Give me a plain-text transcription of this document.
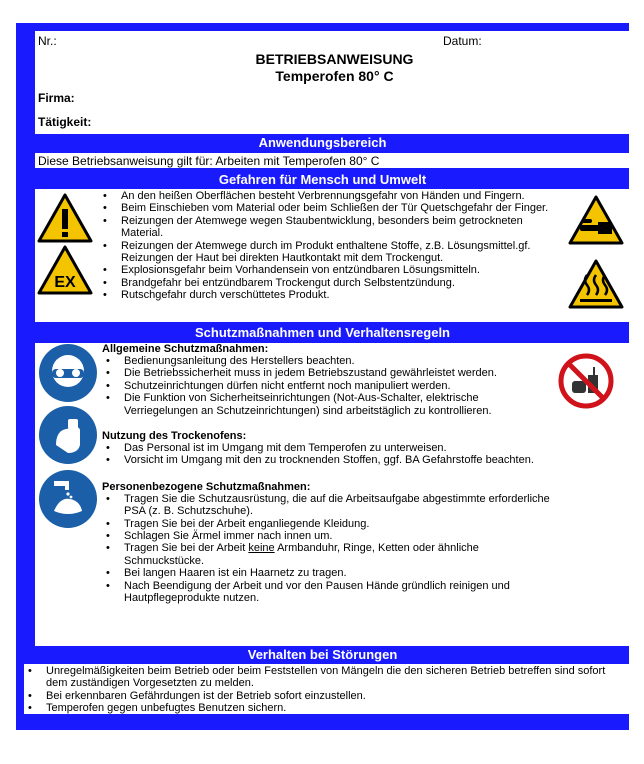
Nr.:	Datum:
BETRIEBSANWEISUNG
Temperofen 80° C
Firma:
Tätigkeit:
Anwendungsbereich
Diese Betriebsanweisung gilt für: Arbeiten mit Temperofen 80° C
Gefahren für Mensch und Umwelt
EX
• An den heißen Oberflächen besteht Verbrennungsgefahr von Händen und Fingern.
• Beim Einschieben vom Material oder beim Schließen der Tür Quetschgefahr der Finger.
• Reizungen der Atemwege wegen Staubentwicklung, besonders beim getrockneten Material.
• Reizungen der Atemwege durch im Produkt enthaltene Stoffe, z.B. Lösungsmittel.gf. Reizungen der Haut bei direkten Hautkontakt mit dem Trockengut.
• Explosionsgefahr beim Vorhandensein von entzündbaren Lösungsmitteln.
• Brandgefahr bei entzündbarem Trockengut durch Selbstentzündung.
• Rutschgefahr durch verschüttetes Produkt.
Schutzmaßnahmen und Verhaltensregeln
Allgemeine Schutzmaßnahmen:
• Bedienungsanleitung des Herstellers beachten.
• Die Betriebssicherheit muss in jedem Betriebszustand gewährleistet werden.
• Schutzeinrichtungen dürfen nicht entfernt noch manipuliert werden.
• Die Funktion von Sicherheitseinrichtungen (Not-Aus-Schalter, elektrische Verriegelungen an Schutzeinrichtungen) sind arbeitstäglich zu kontrollieren.
Nutzung des Trockenofens:
• Das Personal ist im Umgang mit dem Temperofen zu unterweisen.
• Vorsicht im Umgang mit den zu trocknenden Stoffen, ggf. BA Gefahrstoffe beachten.
Personenbezogene Schutzmaßnahmen:
• Tragen Sie die Schutzausrüstung, die auf die Arbeitsaufgabe abgestimmte erforderliche PSA (z. B. Schutzschuhe).
• Tragen Sie bei der Arbeit enganliegende Kleidung.
• Schlagen Sie Ärmel immer nach innen um.
• Tragen Sie bei der Arbeit keine Armbanduhr, Ringe, Ketten oder ähnliche Schmuckstücke.
• Bei langen Haaren ist ein Haarnetz zu tragen.
• Nach Beendigung der Arbeit und vor den Pausen Hände gründlich reinigen und Hautpflegeprodukte nutzen.
Verhalten bei Störungen
• Unregelmäßigkeiten beim Betrieb oder beim Feststellen von Mängeln die den sicheren Betrieb betreffen sind sofort dem zuständigen Vorgesetzten zu melden.
• Bei erkennbaren Gefährdungen ist der Betrieb sofort einzustellen.
• Temperofen gegen unbefugtes Benutzen sichern.
